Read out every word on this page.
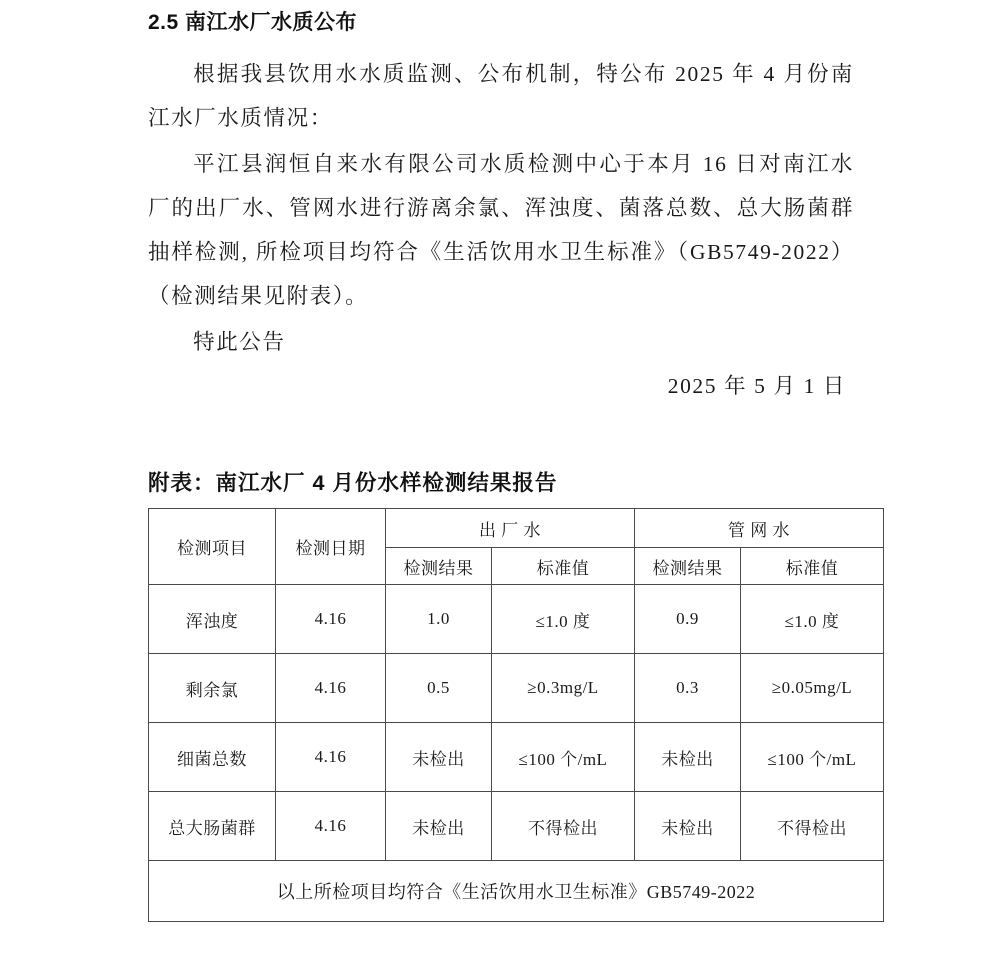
2.5 南江水厂水质公布

根据我县饮用水水质监测、公布机制，特公布 2025 年 4 月份南江水厂水质情况：

平江县润恒自来水有限公司水质检测中心于本月 16 日对南江水厂的出厂水、管网水进行游离余氯、浑浊度、菌落总数、总大肠菌群抽样检测, 所检项目均符合《生活饮用水卫生标准》（GB5749-2022）（检测结果见附表）。

特此公告

2025 年 5 月 1 日

附表：南江水厂 4 月份水样检测结果报告
检测项目	检测日期	出 厂 水		管 网 水	
		检测结果	标准值	检测结果	标准值
浑浊度	4.16	1.0	≤1.0 度	0.9	≤1.0 度
剩余氯	4.16	0.5	≥0.3mg/L	0.3	≥0.05mg/L
细菌总数	4.16	未检出	≤100 个/mL	未检出	≤100 个/mL
总大肠菌群	4.16	未检出	不得检出	未检出	不得检出
以上所检项目均符合《生活饮用水卫生标准》GB5749-2022					
